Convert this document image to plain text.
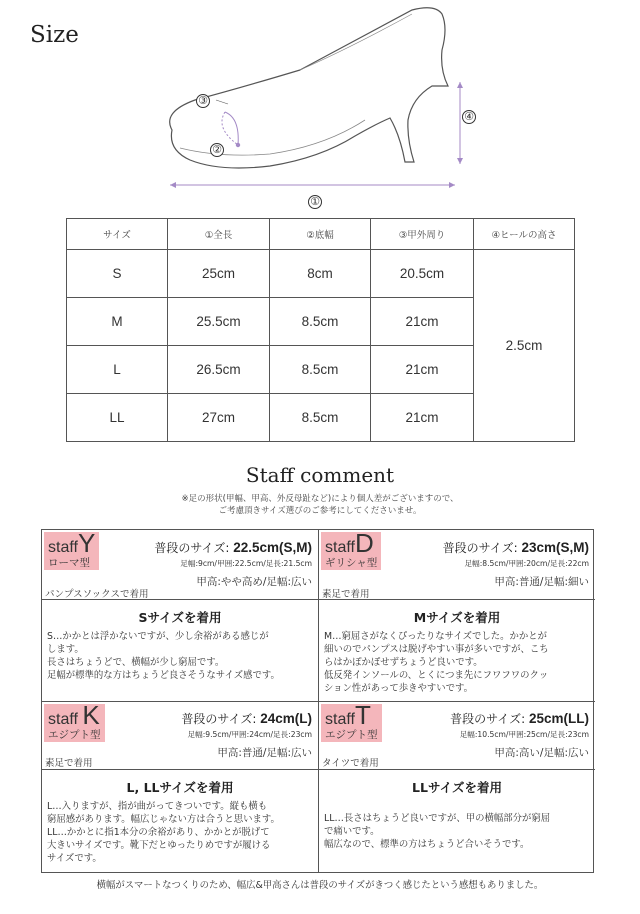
Size
①
②
③
④
サイズ	①全長	②底幅	③甲外周り	④ヒールの高さ
S	25cm	8cm	20.5cm	2.5cm
M	25.5cm	8.5cm	21cm	
L	26.5cm	8.5cm	21cm	
LL	27cm	8.5cm	21cm	
Staff comment
※足の形状(甲幅、甲高、外反母趾など)により個人差がございますので、
ご考慮頂きサイズ選びのご参考にしてくださいませ。
staffY
ローマ型
普段のサイズ: 22.5cm(S,M)
足幅:9cm/甲囲:22.5cm/足長:21.5cm
甲高:やや高め/足幅:広い
パンプスソックスで着用
staffD
ギリシャ型
普段のサイズ: 23cm(S,M)
足幅:8.5cm/甲囲:20cm/足長:22cm
甲高:普通/足幅:細い
素足で着用
Sサイズを着用	Mサイズを着用
S…かかとは浮かないですが、少し余裕がある感じが
します。
長さはちょうどで、横幅が少し窮屈です。
足幅が標準的な方はちょうど良さそうなサイズ感です。
M…窮屈さがなくぴったりなサイズでした。かかとが
細いのでパンプスは脱げやすい事が多いですが、こち
らはかぽかぽせずちょうど良いです。
低反発インソールの、とくにつま先にフワフワのクッ
ション性があって歩きやすいです。
staff K
エジプト型
普段のサイズ: 24cm(L)
足幅:9.5cm/甲囲:24cm/足長:23cm
甲高:普通/足幅:広い
素足で着用
staffT
エジプト型
普段のサイズ: 25cm(LL)
足幅:10.5cm/甲囲:25cm/足長:23cm
甲高:高い/足幅:広い
タイツで着用
L, LLサイズを着用	LLサイズを着用
L…入りますが、指が曲がってきついです。縦も横も
窮屈感があります。幅広じゃない方は合うと思います。
LL…かかとに指1本分の余裕があり、かかとが脱げて
大きいサイズです。靴下だとゆったりめですが履ける
サイズです。
LL…長さはちょうど良いですが、甲の横幅部分が窮屈
で痛いです。
幅広なので、標準の方はちょうど合いそうです。
横幅がスマートなつくりのため、幅広&甲高さんは普段のサイズがきつく感じたという感想もありました。
